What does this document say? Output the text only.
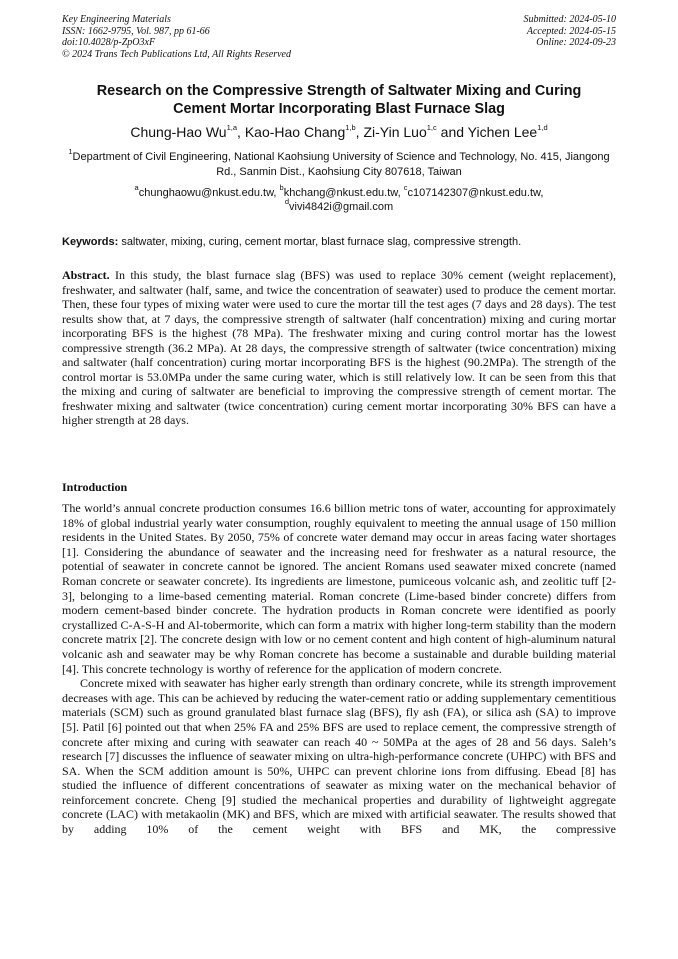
Key Engineering Materials
ISSN: 1662-9795, Vol. 987, pp 61-66
doi:10.4028/p-ZpO3xF
© 2024 Trans Tech Publications Ltd, All Rights Reserved
Submitted: 2024-05-10
Accepted: 2024-05-15
Online: 2024-09-23
Research on the Compressive Strength of Saltwater Mixing and Curing
Cement Mortar Incorporating Blast Furnace Slag
Chung-Hao Wu$^{1,a}$, Kao-Hao Chang$^{1,b}$, Zi-Yin Luo$^{1,c}$ and Yichen Lee$^{1,d}$
$^1$Department of Civil Engineering, National Kaohsiung University of Science and Technology, No. 415, Jiangong Rd., Sanmin Dist., Kaohsiung City 807618, Taiwan
$^a$chunghaowu@nkust.edu.tw, $^b$khchang@nkust.edu.tw, $^c$c107142307@nkust.edu.tw,
$^d$vivi4842i@gmail.com
Keywords: saltwater, mixing, curing, cement mortar, blast furnace slag, compressive strength.
Abstract. In this study, the blast furnace slag (BFS) was used to replace 30% cement (weight replacement), freshwater, and saltwater (half, same, and twice the concentration of seawater) used to produce the cement mortar. Then, these four types of mixing water were used to cure the mortar till the test ages (7 days and 28 days). The test results show that, at 7 days, the compressive strength of saltwater (half concentration) mixing and curing mortar incorporating BFS is the highest (78 MPa). The freshwater mixing and curing control mortar has the lowest compressive strength (36.2 MPa). At 28 days, the compressive strength of saltwater (twice concentration) mixing and saltwater (half concentration) curing mortar incorporating BFS is the highest (90.2MPa). The strength of the control mortar is 53.0MPa under the same curing water, which is still relatively low. It can be seen from this that the mixing and curing of saltwater are beneficial to improving the compressive strength of cement mortar. The freshwater mixing and saltwater (twice concentration) curing cement mortar incorporating 30% BFS can have a higher strength at 28 days.
Introduction

The world’s annual concrete production consumes 16.6 billion metric tons of water, accounting for approximately 18% of global industrial yearly water consumption, roughly equivalent to meeting the annual usage of 150 million residents in the United States. By 2050, 75% of concrete water demand may occur in areas facing water shortages [1]. Considering the abundance of seawater and the increasing need for freshwater as a natural resource, the potential of seawater in concrete cannot be ignored. The ancient Romans used seawater mixed concrete (named Roman concrete or seawater concrete). Its ingredients are limestone, pumiceous volcanic ash, and zeolitic tuff [2-3], belonging to a lime-based cementing material. Roman concrete (Lime-based binder concrete) differs from modern cement-based binder concrete. The hydration products in Roman concrete were identified as poorly crystallized C-A-S-H and Al-tobermorite, which can form a matrix with higher long-term stability than the modern concrete matrix [2]. The concrete design with low or no cement content and high content of high-aluminum natural volcanic ash and seawater may be why Roman concrete has become a sustainable and durable building material [4]. This concrete technology is worthy of reference for the application of modern concrete.

Concrete mixed with seawater has higher early strength than ordinary concrete, while its strength improvement decreases with age. This can be achieved by reducing the water-cement ratio or adding supplementary cementitious materials (SCM) such as ground granulated blast furnace slag (BFS), fly ash (FA), or silica ash (SA) to improve [5]. Patil [6] pointed out that when 25% FA and 25% BFS are used to replace cement, the compressive strength of concrete after mixing and curing with seawater can reach 40 ~ 50MPa at the ages of 28 and 56 days. Saleh’s research [7] discusses the influence of seawater mixing on ultra-high-performance concrete (UHPC) with BFS and SA. When the SCM addition amount is 50%, UHPC can prevent chlorine ions from diffusing. Ebead [8] has studied the influence of different concentrations of seawater as mixing water on the mechanical behavior of reinforcement concrete. Cheng [9] studied the mechanical properties and durability of lightweight aggregate concrete (LAC) with metakaolin (MK) and BFS, which are mixed with artificial seawater. The results showed that by adding 10% of the cement weight with BFS and MK, the compressive
